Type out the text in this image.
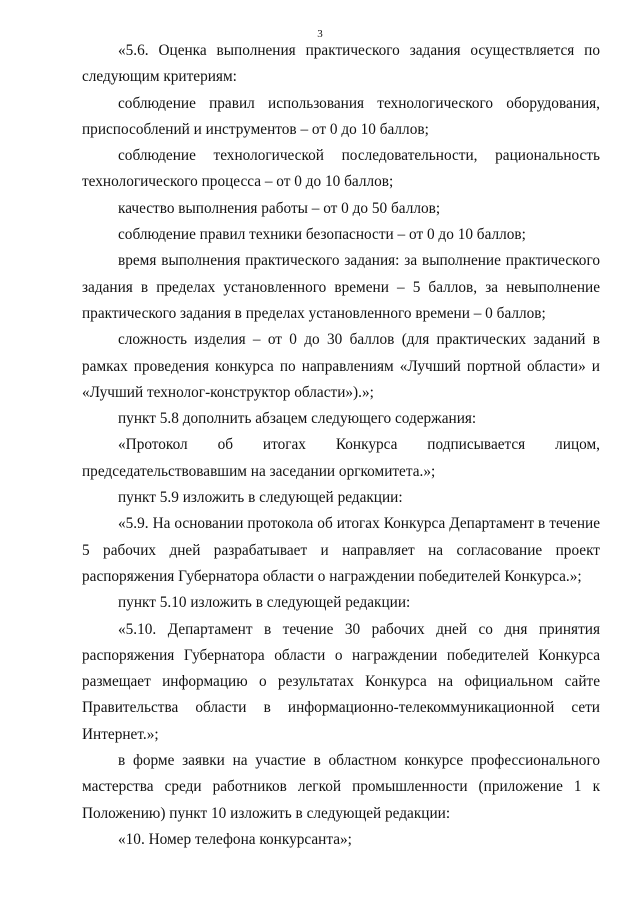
3

«5.6. Оценка выполнения практического задания осуществляется по следующим критериям:

соблюдение правил использования технологического оборудования, приспособлений и инструментов – от 0 до 10 баллов;

соблюдение технологической последовательности, рациональность технологического процесса – от 0 до 10 баллов;

качество выполнения работы – от 0 до 50 баллов;

соблюдение правил техники безопасности – от 0 до 10 баллов;

время выполнения практического задания: за выполнение практического задания в пределах установленного времени – 5 баллов, за невыполнение практического задания в пределах установленного времени – 0 баллов;

сложность изделия – от 0 до 30 баллов (для практических заданий в рамках проведения конкурса по направлениям «Лучший портной области» и «Лучший технолог-конструктор области»).»;

пункт 5.8 дополнить абзацем следующего содержания:

«Протокол об итогах Конкурса подписывается лицом, председательствовавшим на заседании оргкомитета.»;

пункт 5.9 изложить в следующей редакции:

«5.9. На основании протокола об итогах Конкурса Департамент в течение 5 рабочих дней разрабатывает и направляет на согласование проект распоряжения Губернатора области о награждении победителей Конкурса.»;

пункт 5.10 изложить в следующей редакции:

«5.10. Департамент в течение 30 рабочих дней со дня принятия распоряжения Губернатора области о награждении победителей Конкурса размещает информацию о результатах Конкурса на официальном сайте Правительства области в информационно-телекоммуникационной сети Интернет.»;

в форме заявки на участие в областном конкурсе профессионального мастерства среди работников легкой промышленности (приложение 1 к Положению) пункт 10 изложить в следующей редакции:

«10. Номер телефона конкурсанта»;
